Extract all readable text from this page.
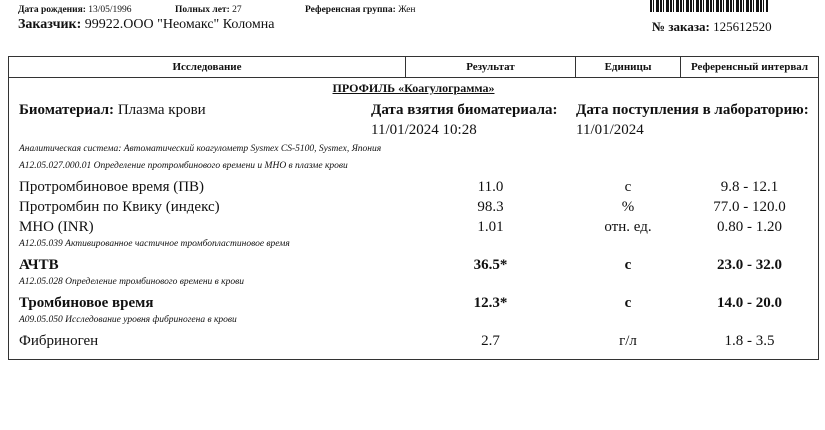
Дата рождения: 13/05/1996	Полных лет: 27	Референсная группа: Жен
Заказчик: 99922.ООО "Неомакс" Коломна	№ заказа: 125612520
Исследование	Результат	Единицы	Референсный интервал
ПРОФИЛЬ «Коагулограмма»
Биоматериал: Плазма крови	Дата взятия биоматериала:
11/01/2024 10:28
Дата поступления в лабораторию:
11/01/2024
Аналитическая система: Автоматический коагулометр Sysmex CS-5100, Sysmex, Япония
A12.05.027.000.01 Определение протромбинового времени и МНО в плазме крови
Протромбиновое время (ПВ)	11.0	с	9.8 - 12.1
Протромбин по Квику (индекс)	98.3	%	77.0 - 120.0
МНО (INR)	1.01	отн. ед.	0.80 - 1.20
A12.05.039 Активированное частичное тромбопластиновое время
АЧТВ	36.5*	с	23.0 - 32.0
A12.05.028 Определение тромбинового времени в крови
Тромбиновое время	12.3*	с	14.0 - 20.0
A09.05.050 Исследование уровня фибриногена в крови
Фибриноген	2.7	г/л	1.8 - 3.5
